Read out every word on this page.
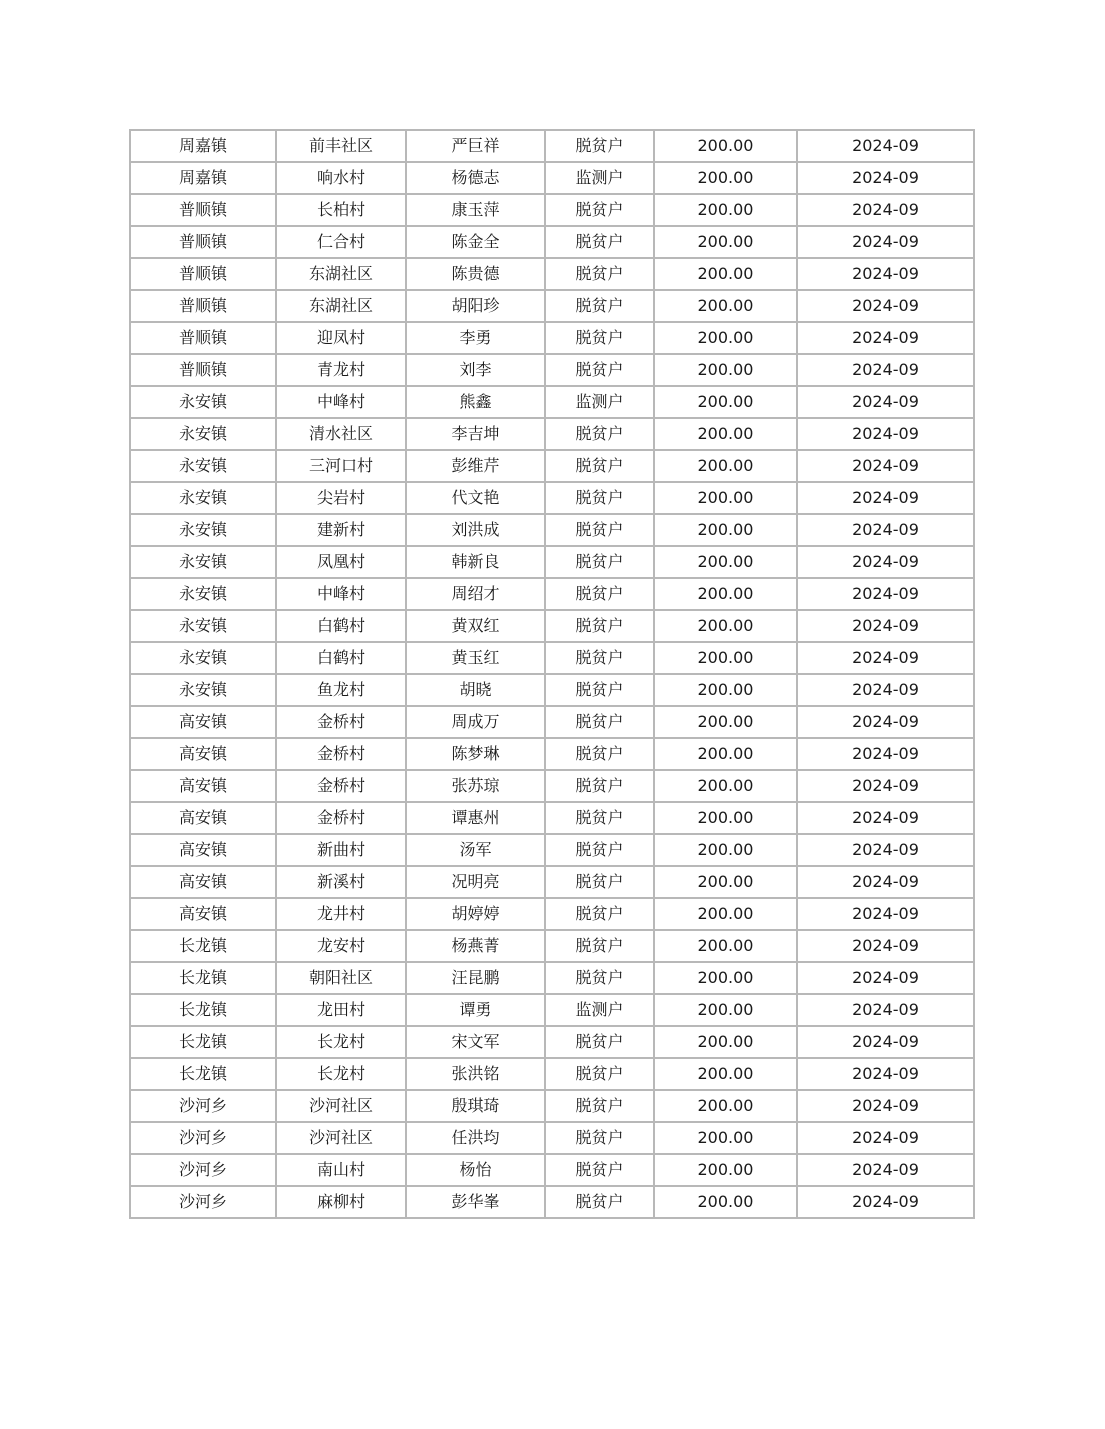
周嘉镇	前丰社区	严巨祥	脱贫户	200.00	2024-09
周嘉镇	响水村	杨德志	监测户	200.00	2024-09
普顺镇	长柏村	康玉萍	脱贫户	200.00	2024-09
普顺镇	仁合村	陈金全	脱贫户	200.00	2024-09
普顺镇	东湖社区	陈贵德	脱贫户	200.00	2024-09
普顺镇	东湖社区	胡阳珍	脱贫户	200.00	2024-09
普顺镇	迎凤村	李勇	脱贫户	200.00	2024-09
普顺镇	青龙村	刘李	脱贫户	200.00	2024-09
永安镇	中峰村	熊鑫	监测户	200.00	2024-09
永安镇	清水社区	李吉坤	脱贫户	200.00	2024-09
永安镇	三河口村	彭维芹	脱贫户	200.00	2024-09
永安镇	尖岩村	代文艳	脱贫户	200.00	2024-09
永安镇	建新村	刘洪成	脱贫户	200.00	2024-09
永安镇	凤凰村	韩新良	脱贫户	200.00	2024-09
永安镇	中峰村	周绍才	脱贫户	200.00	2024-09
永安镇	白鹤村	黄双红	脱贫户	200.00	2024-09
永安镇	白鹤村	黄玉红	脱贫户	200.00	2024-09
永安镇	鱼龙村	胡晓	脱贫户	200.00	2024-09
高安镇	金桥村	周成万	脱贫户	200.00	2024-09
高安镇	金桥村	陈梦琳	脱贫户	200.00	2024-09
高安镇	金桥村	张苏琼	脱贫户	200.00	2024-09
高安镇	金桥村	谭惠州	脱贫户	200.00	2024-09
高安镇	新曲村	汤军	脱贫户	200.00	2024-09
高安镇	新溪村	况明亮	脱贫户	200.00	2024-09
高安镇	龙井村	胡婷婷	脱贫户	200.00	2024-09
长龙镇	龙安村	杨燕菁	脱贫户	200.00	2024-09
长龙镇	朝阳社区	汪昆鹏	脱贫户	200.00	2024-09
长龙镇	龙田村	谭勇	监测户	200.00	2024-09
长龙镇	长龙村	宋文军	脱贫户	200.00	2024-09
长龙镇	长龙村	张洪铭	脱贫户	200.00	2024-09
沙河乡	沙河社区	殷琪琦	脱贫户	200.00	2024-09
沙河乡	沙河社区	任洪均	脱贫户	200.00	2024-09
沙河乡	南山村	杨怡	脱贫户	200.00	2024-09
沙河乡	麻柳村	彭华峯	脱贫户	200.00	2024-09
